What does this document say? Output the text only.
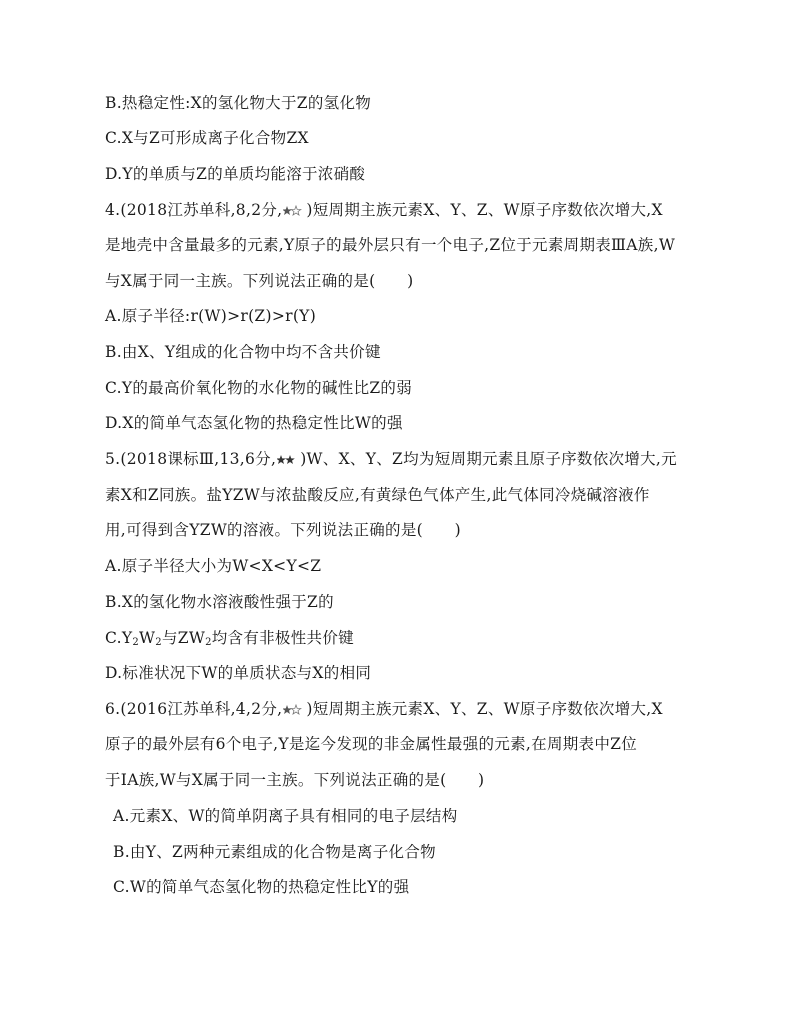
B.热稳定性:X的氢化物大于Z的氢化物
C.X与Z可形成离子化合物ZX
D.Y的单质与Z的单质均能溶于浓硝酸
4.(2018江苏单科,8,2分, )短周期主族元素X、Y、Z、W原子序数依次增大,X
是地壳中含量最多的元素,Y原子的最外层只有一个电子,Z位于元素周期表ⅢA族,W
与X属于同一主族。下列说法正确的是(　　)
A.原子半径:r(W)>r(Z)>r(Y)
B.由X、Y组成的化合物中均不含共价键
C.Y的最高价氧化物的水化物的碱性比Z的弱
D.X的简单气态氢化物的热稳定性比W的强
5.(2018课标Ⅲ,13,6分, )W、X、Y、Z均为短周期元素且原子序数依次增大,元
素X和Z同族。盐YZW与浓盐酸反应,有黄绿色气体产生,此气体同冷烧碱溶液作
用,可得到含YZW的溶液。下列说法正确的是(　　)
A.原子半径大小为W<X<Y<Z
B.X的氢化物水溶液酸性强于Z的
$C.Y_2W_2$与$ZW_2$均含有非极性共价键
D.标准状况下W的单质状态与X的相同
6.(2016江苏单科,4,2分, )短周期主族元素X、Y、Z、W原子序数依次增大,X
原子的最外层有6个电子,Y是迄今发现的非金属性最强的元素,在周期表中Z位
于ⅠA族,W与X属于同一主族。下列说法正确的是(　　)
A.元素X、W的简单阴离子具有相同的电子层结构
B.由Y、Z两种元素组成的化合物是离子化合物
C.W的简单气态氢化物的热稳定性比Y的强
